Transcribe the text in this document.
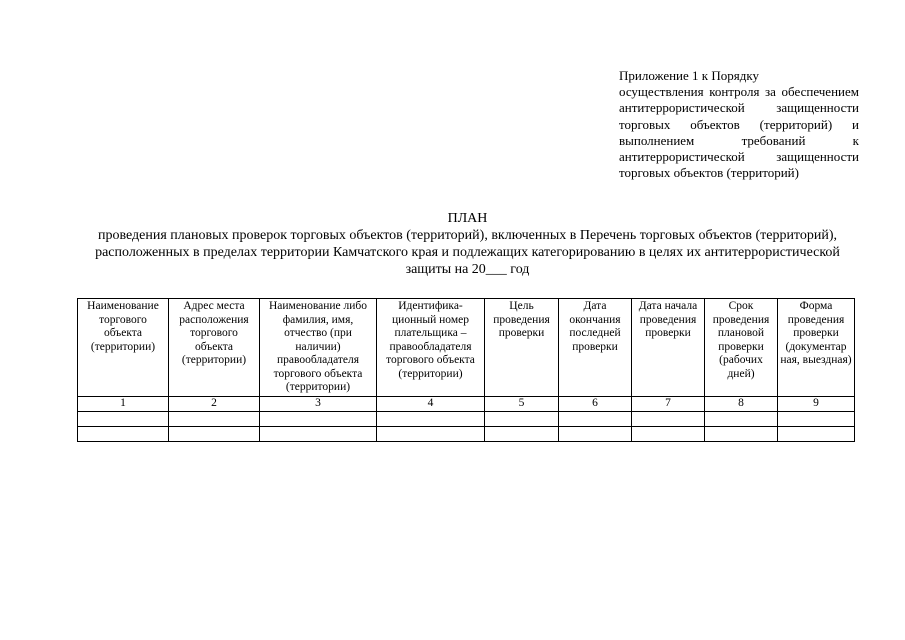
Приложение 1 к Порядку
осуществления контроля за обеспечением антитеррористической защищенности торговых объектов (территорий) и выполнением требований к антитеррористической защищенности торговых объектов (территорий)
ПЛАН
проведения плановых проверок торговых объектов (территорий), включенных в Перечень торговых объектов (территорий), расположенных в пределах территории Камчатского края и подлежащих категорированию в целях их антитеррористической защиты на 20___ год
Наименование торгового объекта (территории)	Адрес места расположения торгового объекта (территории)	Наименование либо фамилия, имя, отчество (при наличии) правообладателя торгового объекта (территории)	Идентифика-ционный номер плательщика – правообладателя торгового объекта (территории)	Цель проведения проверки	Дата окончания последней проверки	Дата начала проведения проверки	Срок проведения плановой проверки (рабочих дней)	Форма проведения проверки (документар ная, выездная)
1	2	3	4	5	6	7	8	9
